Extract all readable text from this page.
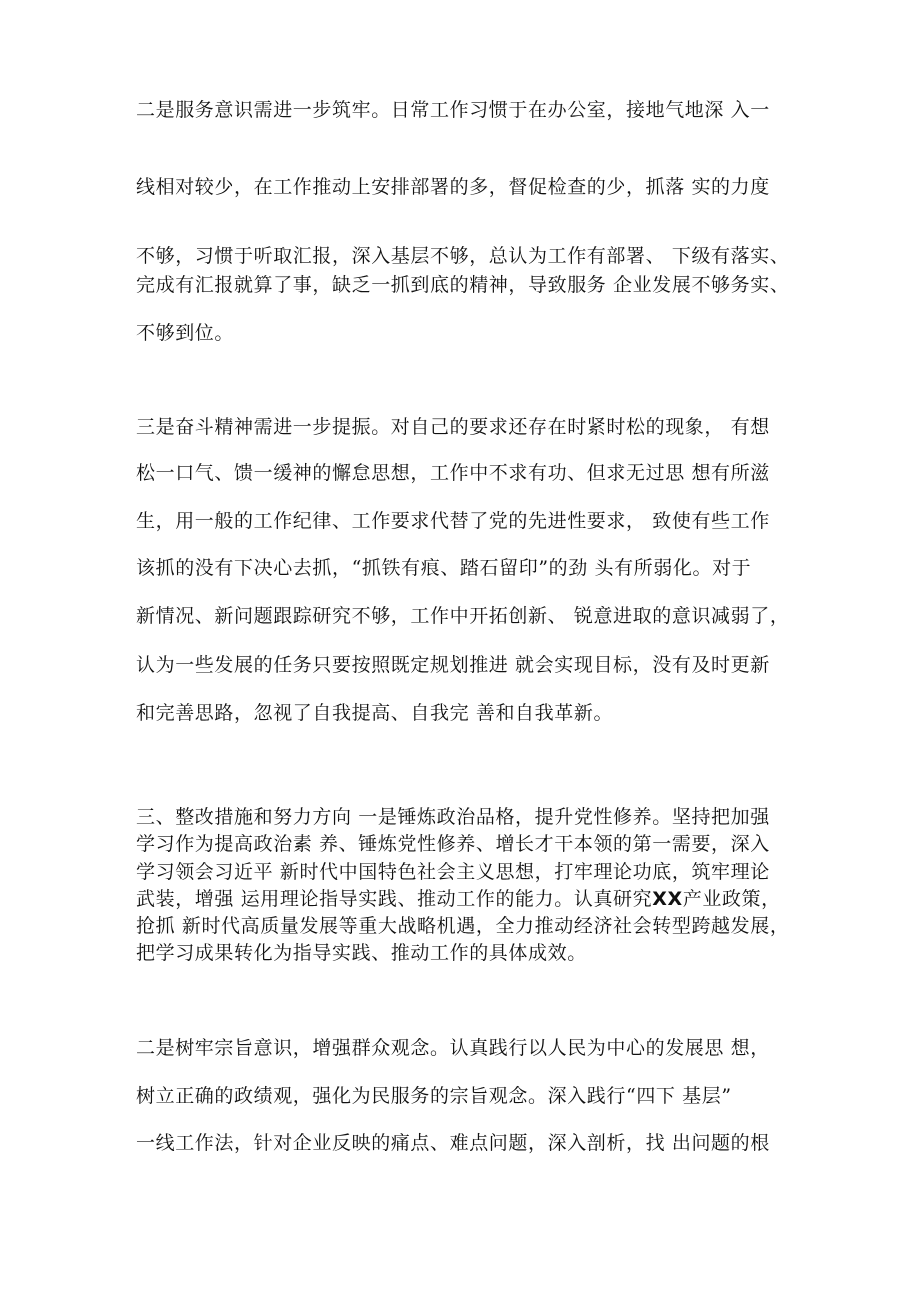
二是服务意识需进一步筑牢。日常工作习惯于在办公室，接地气地深 入一
线相对较少，在工作推动上安排部署的多，督促检查的少，抓落 实的力度
不够，习惯于听取汇报，深入基层不够，总认为工作有部署、 下级有落实、
完成有汇报就算了事，缺乏一抓到底的精神，导致服务 企业发展不够务实、
不够到位。
三是奋斗精神需进一步提振。对自己的要求还存在时紧时松的现象， 有想
松一口气、馈一缓神的懈怠思想，工作中不求有功、但求无过思 想有所滋
生，用一般的工作纪律、工作要求代替了党的先进性要求， 致使有些工作
该抓的没有下决心去抓，“抓铁有痕、踏石留印”的劲 头有所弱化。对于
新情况、新问题跟踪研究不够，工作中开拓创新、 锐意进取的意识减弱了，
认为一些发展的任务只要按照既定规划推进 就会实现目标，没有及时更新
和完善思路，忽视了自我提高、自我完 善和自我革新。
三、整改措施和努力方向 一是锤炼政治品格，提升党性修养。坚持把加强
学习作为提高政治素 养、锤炼党性修养、增长才干本领的第一需要，深入
学习领会习近平 新时代中国特色社会主义思想，打牢理论功底，筑牢理论
武装，增强 运用理论指导实践、推动工作的能力。认真研究XX产业政策，
抢抓 新时代高质量发展等重大战略机遇，全力推动经济社会转型跨越发展，
把学习成果转化为指导实践、推动工作的具体成效。
二是树牢宗旨意识，增强群众观念。认真践行以人民为中心的发展思 想，
树立正确的政绩观，强化为民服务的宗旨观念。深入践行“四下 基层”
一线工作法，针对企业反映的痛点、难点问题，深入剖析，找 出问题的根
